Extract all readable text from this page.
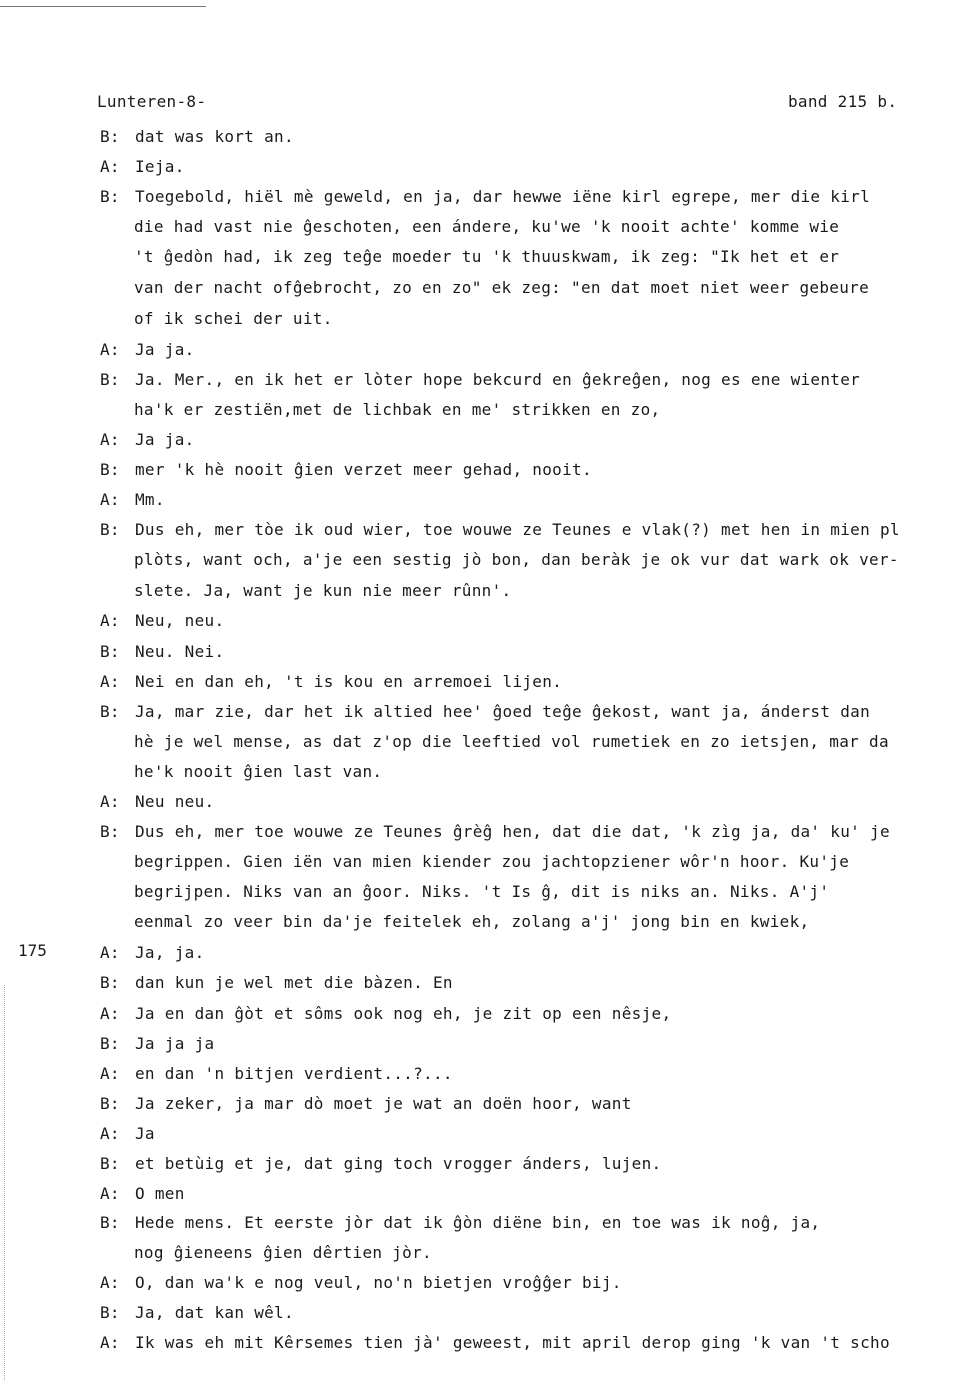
Lunteren-8-	band 215 b.
175
B: dat was kort an.
A: Ieja.
B: Toegebold, hiël mè geweld, en ja, dar hewwe iëne kirl egrepe, mer die kirl
die had vast nie ĝeschoten, een ándere, ku'we 'k nooit achte' komme wie
't ĝedòn had, ik zeg teĝe moeder tu 'k thuuskwam, ik zeg: "Ik het et er
van der nacht ofĝebrocht, zo en zo" ek zeg: "en dat moet niet weer gebeure
of ik schei der uit.
A: Ja ja.
B: Ja. Mer., en ik het er lòter hope bekcurd en ĝekreĝen, nog es ene wienter
ha'k er zestiën,met de lichbak en me' strikken en zo,
A: Ja ja.
B: mer 'k hè nooit ĝien verzet meer gehad, nooit.
A: Mm.
B: Dus eh, mer tòe ik oud wier, toe wouwe ze Teunes e vlak(?) met hen in mien pl
plòts, want och, a'je een sestig jò bon, dan beràk je ok vur dat wark ok ver-
slete. Ja, want je kun nie meer rûnn'.
A: Neu, neu.
B: Neu. Nei.
A: Nei en dan eh, 't is kou en arremoei lijen.
B: Ja, mar zie, dar het ik altied hee' ĝoed teĝe ĝekost, want ja, ánderst dan
hè je wel mense, as dat z'op die leeftied vol rumetiek en zo ietsjen, mar da
he'k nooit ĝien last van.
A: Neu neu.
B: Dus eh, mer toe wouwe ze Teunes ĝrèĝ hen, dat die dat, 'k zìg ja, da' ku' je
begrippen. Gien iën van mien kiender zou jachtopziener wôr'n hoor. Ku'je
begrijpen. Niks van an ĝoor. Niks. 't Is ĝ, dit is niks an. Niks. A'j'
eenmal zo veer bin da'je feitelek eh, zolang a'j' jong bin en kwiek,
A: Ja, ja.
B: dan kun je wel met die bàzen. En
A: Ja en dan ĝòt et sôms ook nog eh, je zit op een nêsje,
B: Ja ja ja
A: en dan 'n bitjen verdient...?...
B: Ja zeker, ja mar dò moet je wat an doën hoor, want
A: Ja
B: et betùig et je, dat ging toch vrogger ánders, lujen.
A: O men
B: Hede mens. Et eerste jòr dat ik ĝòn diëne bin, en toe was ik noĝ, ja,
nog ĝieneens ĝien dêrtien jòr.
A: O, dan wa'k e nog veul, no'n bietjen vroĝĝer bij.
B: Ja, dat kan wêl.
A: Ik was eh mit Kêrsemes tien jà' geweest, mit april derop ging 'k van 't scho
